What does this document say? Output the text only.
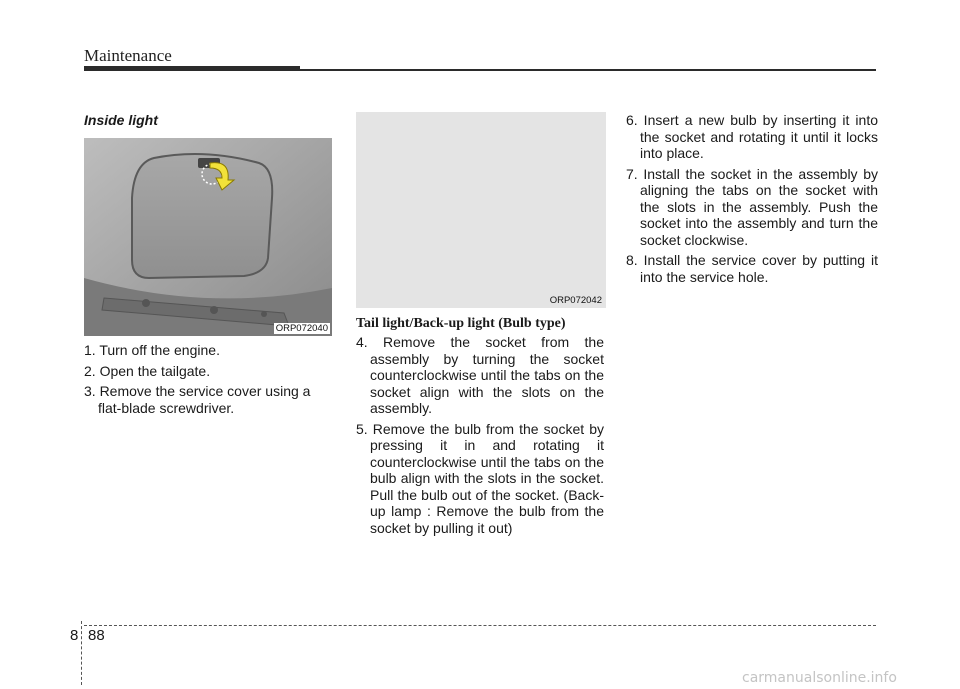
Maintenance
Inside light
ORP072040
1. Turn off the engine.
2. Open the tailgate.
3. Remove the service cover using a flat-blade screwdriver.
ORP072042
Tail light/Back-up light (Bulb type)
4. Remove the socket from the assembly by turning the socket counterclockwise until the tabs on the socket align with the slots on the assembly.
5. Remove the bulb from the socket by pressing it in and rotating it counterclockwise until the tabs on the bulb align with the slots in the socket. Pull the bulb out of the socket. (Back-up lamp : Remove the bulb from the socket by pulling it out)
6. Insert a new bulb by inserting it into the socket and rotating it until it locks into place.
7. Install the socket in the assembly by aligning the tabs on the socket with the slots in the assembly. Push the socket into the assembly and turn the socket clockwise.
8. Install the service cover by putting it into the service hole.
8 88
carmanualsonline.info
